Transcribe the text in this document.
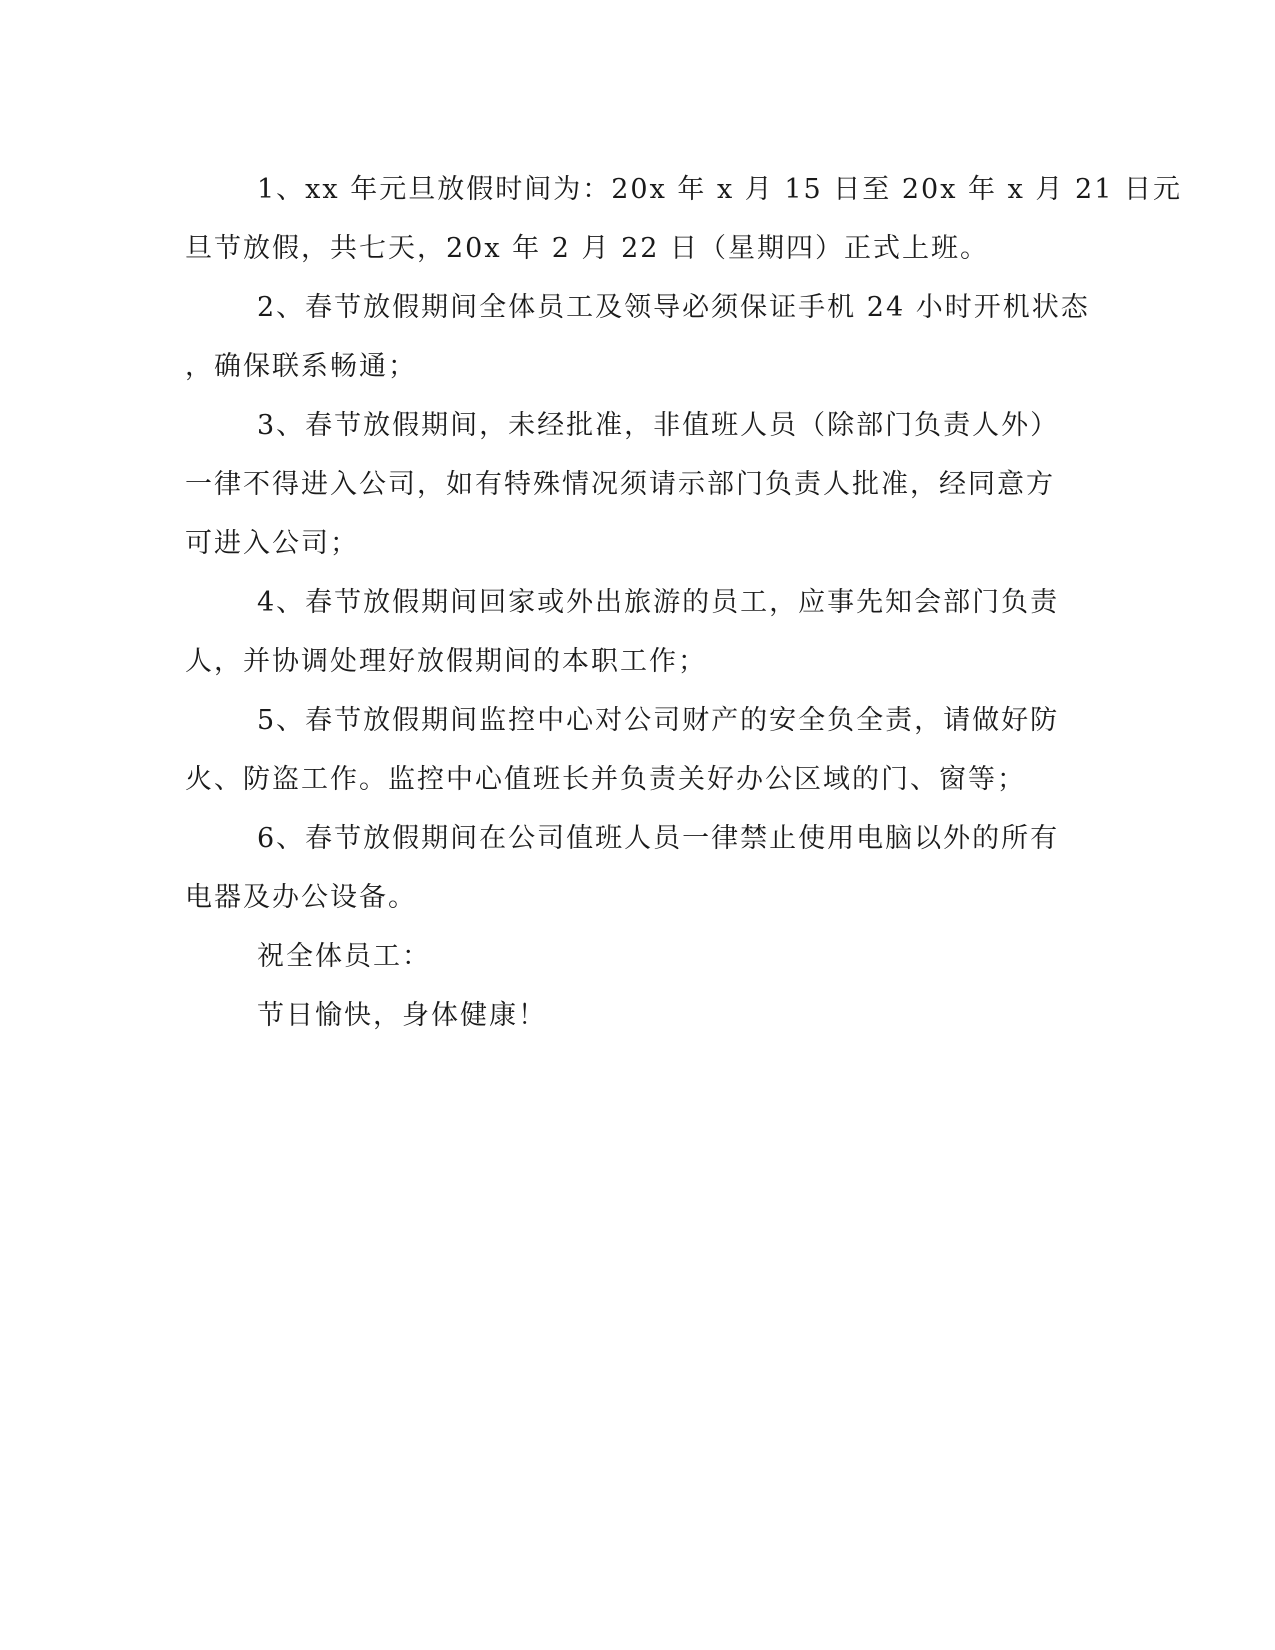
1、xx 年元旦放假时间为：20x 年 x 月 15 日至 20x 年 x 月 21 日元
旦节放假，共七天，20x 年 2 月 22 日（星期四）正式上班。
2、春节放假期间全体员工及领导必须保证手机 24 小时开机状态
，确保联系畅通；
3、春节放假期间，未经批准，非值班人员（除部门负责人外）
一律不得进入公司，如有特殊情况须请示部门负责人批准，经同意方
可进入公司；
4、春节放假期间回家或外出旅游的员工，应事先知会部门负责
人，并协调处理好放假期间的本职工作；
5、春节放假期间监控中心对公司财产的安全负全责，请做好防
火、防盗工作。监控中心值班长并负责关好办公区域的门、窗等；
6、春节放假期间在公司值班人员一律禁止使用电脑以外的所有
电器及办公设备。
祝全体员工：
节日愉快，身体健康！
